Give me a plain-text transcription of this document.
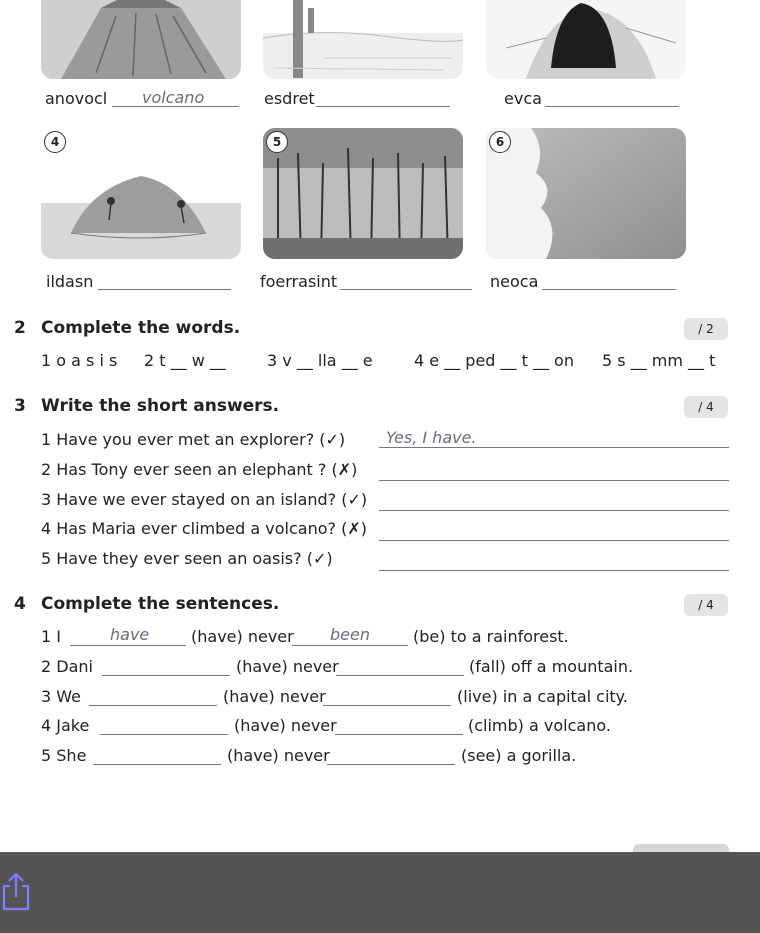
anovocl volcano	esdret	evca
4	5	6
ildasn	foerrasint	neoca
2 Complete the words.	/ 2
1 o a s i s 2 t __ w __	3 v __ lla __ e	4 e __ ped __ t __ on 5 s __ mm __ t
3 Write the short answers.	/ 4
1 Have you ever met an explorer? (✓)	Yes, I have.
2 Has Tony ever seen an elephant ? (✗)
3 Have we ever stayed on an island? (✓)
4 Has Maria ever climbed a volcano? (✗)
5 Have they ever seen an oasis? (✓)
4 Complete the sentences.	/ 4
1 I	have	(have) never been	(be) to a rainforest.
2 Dani	(have) never	(fall) off a mountain.
3 We	(have) never	(live) in a capital city.
4 Jake	(have) never	(climb) a volcano.
5 She	(have) never	(see) a gorilla.
